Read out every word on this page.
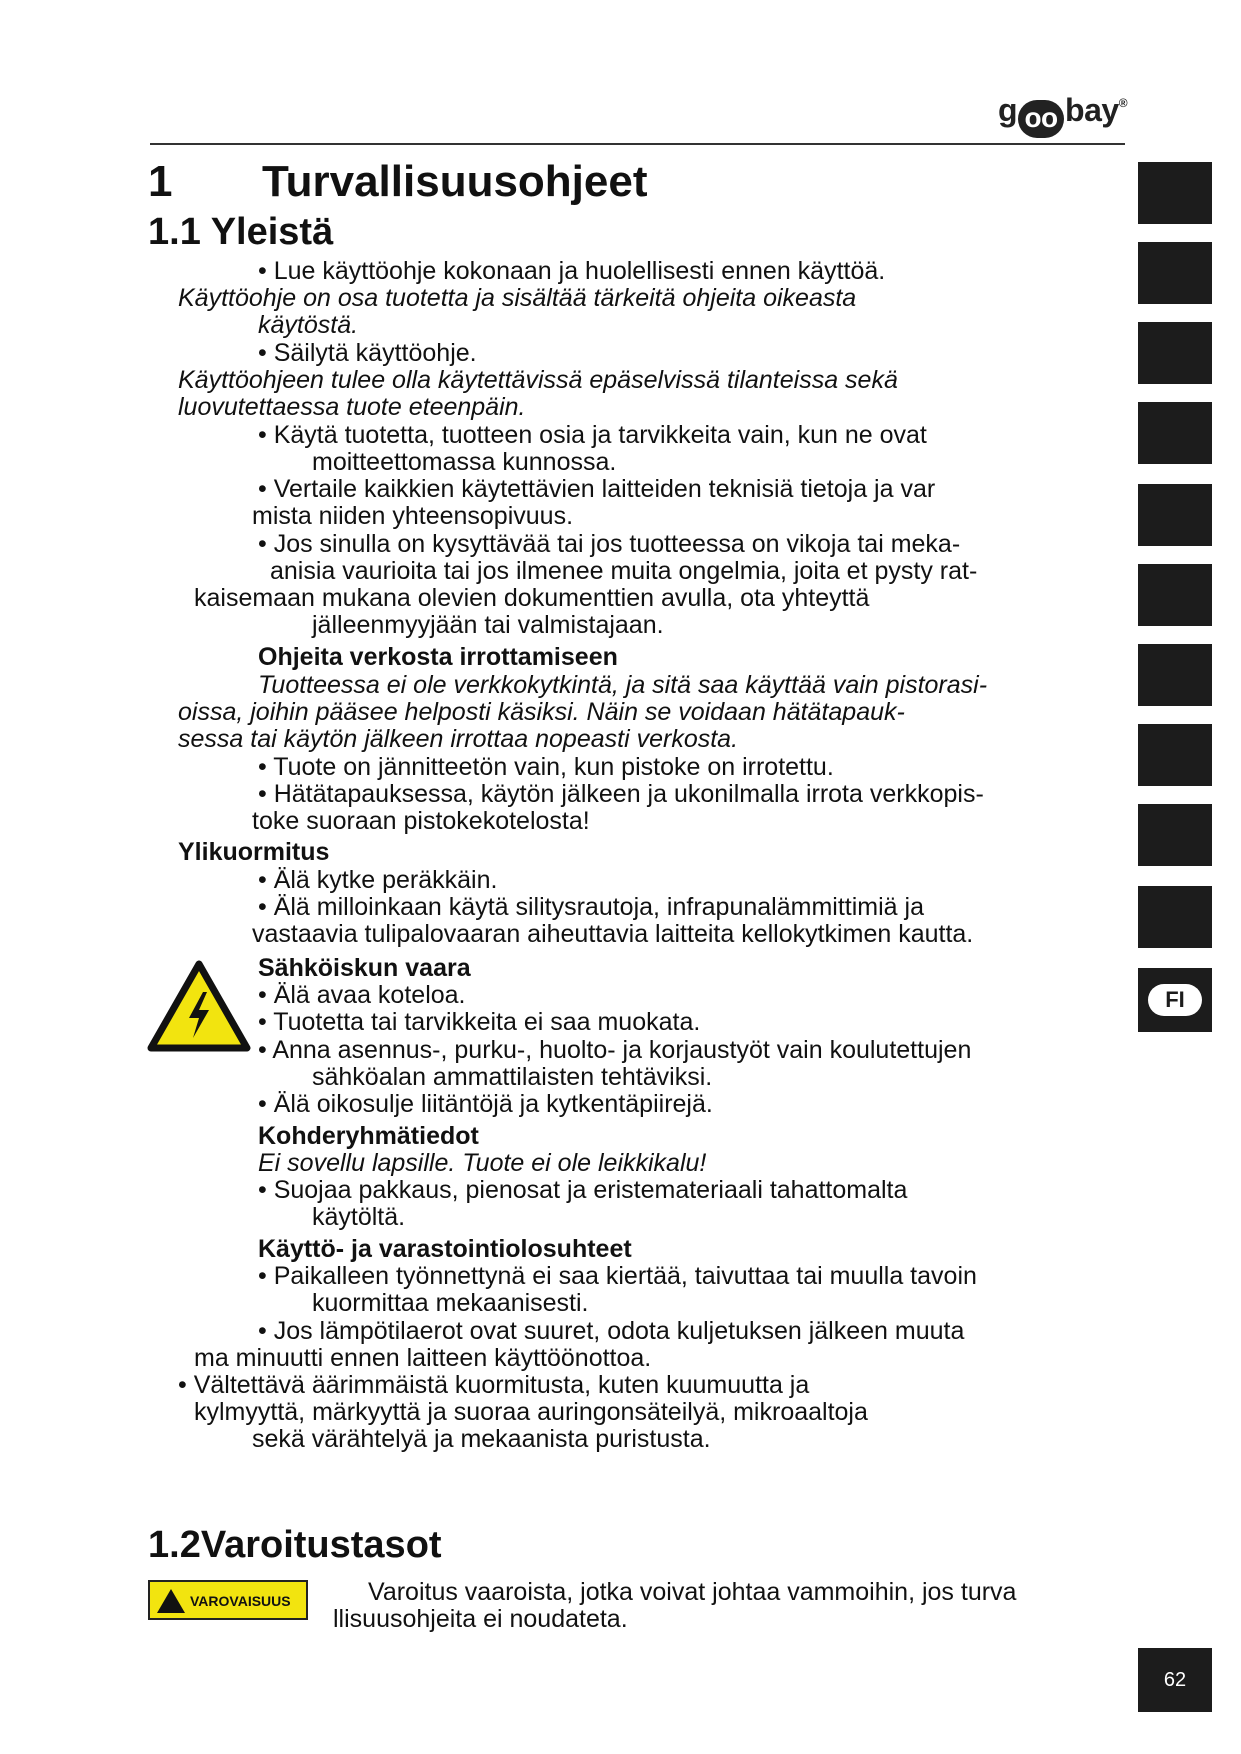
g oo bay®
FI
1 Turvallisuusohjeet
1.1 Yleistä
• Lue käyttöohje kokonaan ja huolellisesti ennen käyttöä.
Käyttöohje on osa tuotetta ja sisältää tärkeitä ohjeita oikeasta
käytöstä.
• Säilytä käyttöohje.
Käyttöohjeen tulee olla käytettävissä epäselvissä tilanteissa sekä
luovutettaessa tuote eteenpäin.
• Käytä tuotetta, tuotteen osia ja tarvikkeita vain, kun ne ovat
moitteettomassa kunnossa.
• Vertaile kaikkien käytettävien laitteiden teknisiä tietoja ja var
mista niiden yhteensopivuus.
• Jos sinulla on kysyttävää tai jos tuotteessa on vikoja tai meka-
anisia vaurioita tai jos ilmenee muita ongelmia, joita et pysty rat-
kaisemaan mukana olevien dokumenttien avulla, ota yhteyttä
jälleenmyyjään tai valmistajaan.
Ohjeita verkosta irrottamiseen
Tuotteessa ei ole verkkokytkintä, ja sitä saa käyttää vain pistorasi-
oissa, joihin pääsee helposti käsiksi. Näin se voidaan hätätapauk-
sessa tai käytön jälkeen irrottaa nopeasti verkosta.
• Tuote on jännitteetön vain, kun pistoke on irrotettu.
• Hätätapauksessa, käytön jälkeen ja ukonilmalla irrota verkkopis-
toke suoraan pistokekotelosta!
Ylikuormitus
• Älä kytke peräkkäin.
• Älä milloinkaan käytä silitysrautoja, infrapunalämmittimiä ja
vastaavia tulipalovaaran aiheuttavia laitteita kellokytkimen kautta.
Sähköiskun vaara
• Älä avaa koteloa.
• Tuotetta tai tarvikkeita ei saa muokata.
• Anna asennus-, purku-, huolto- ja korjaustyöt vain koulutettujen
sähköalan ammattilaisten tehtäviksi.
• Älä oikosulje liitäntöjä ja kytkentäpiirejä.
Kohderyhmätiedot
Ei sovellu lapsille. Tuote ei ole leikkikalu!
• Suojaa pakkaus, pienosat ja eristemateriaali tahattomalta
käytöltä.
Käyttö- ja varastointiolosuhteet
• Paikalleen työnnettynä ei saa kiertää, taivuttaa tai muulla tavoin
kuormittaa mekaanisesti.
• Jos lämpötilaerot ovat suuret, odota kuljetuksen jälkeen muuta
ma minuutti ennen laitteen käyttöönottoa.
• Vältettävä äärimmäistä kuormitusta, kuten kuumuutta ja
kylmyyttä, märkyyttä ja suoraa auringonsäteilyä, mikroaaltoja
sekä värähtelyä ja mekaanista puristusta.
1.2Varoitustasot
VAROVAISUUS	Varoitus vaaroista, jotka voivat johtaa vammoihin, jos turva
llisuusohjeita ei noudateta.
62
